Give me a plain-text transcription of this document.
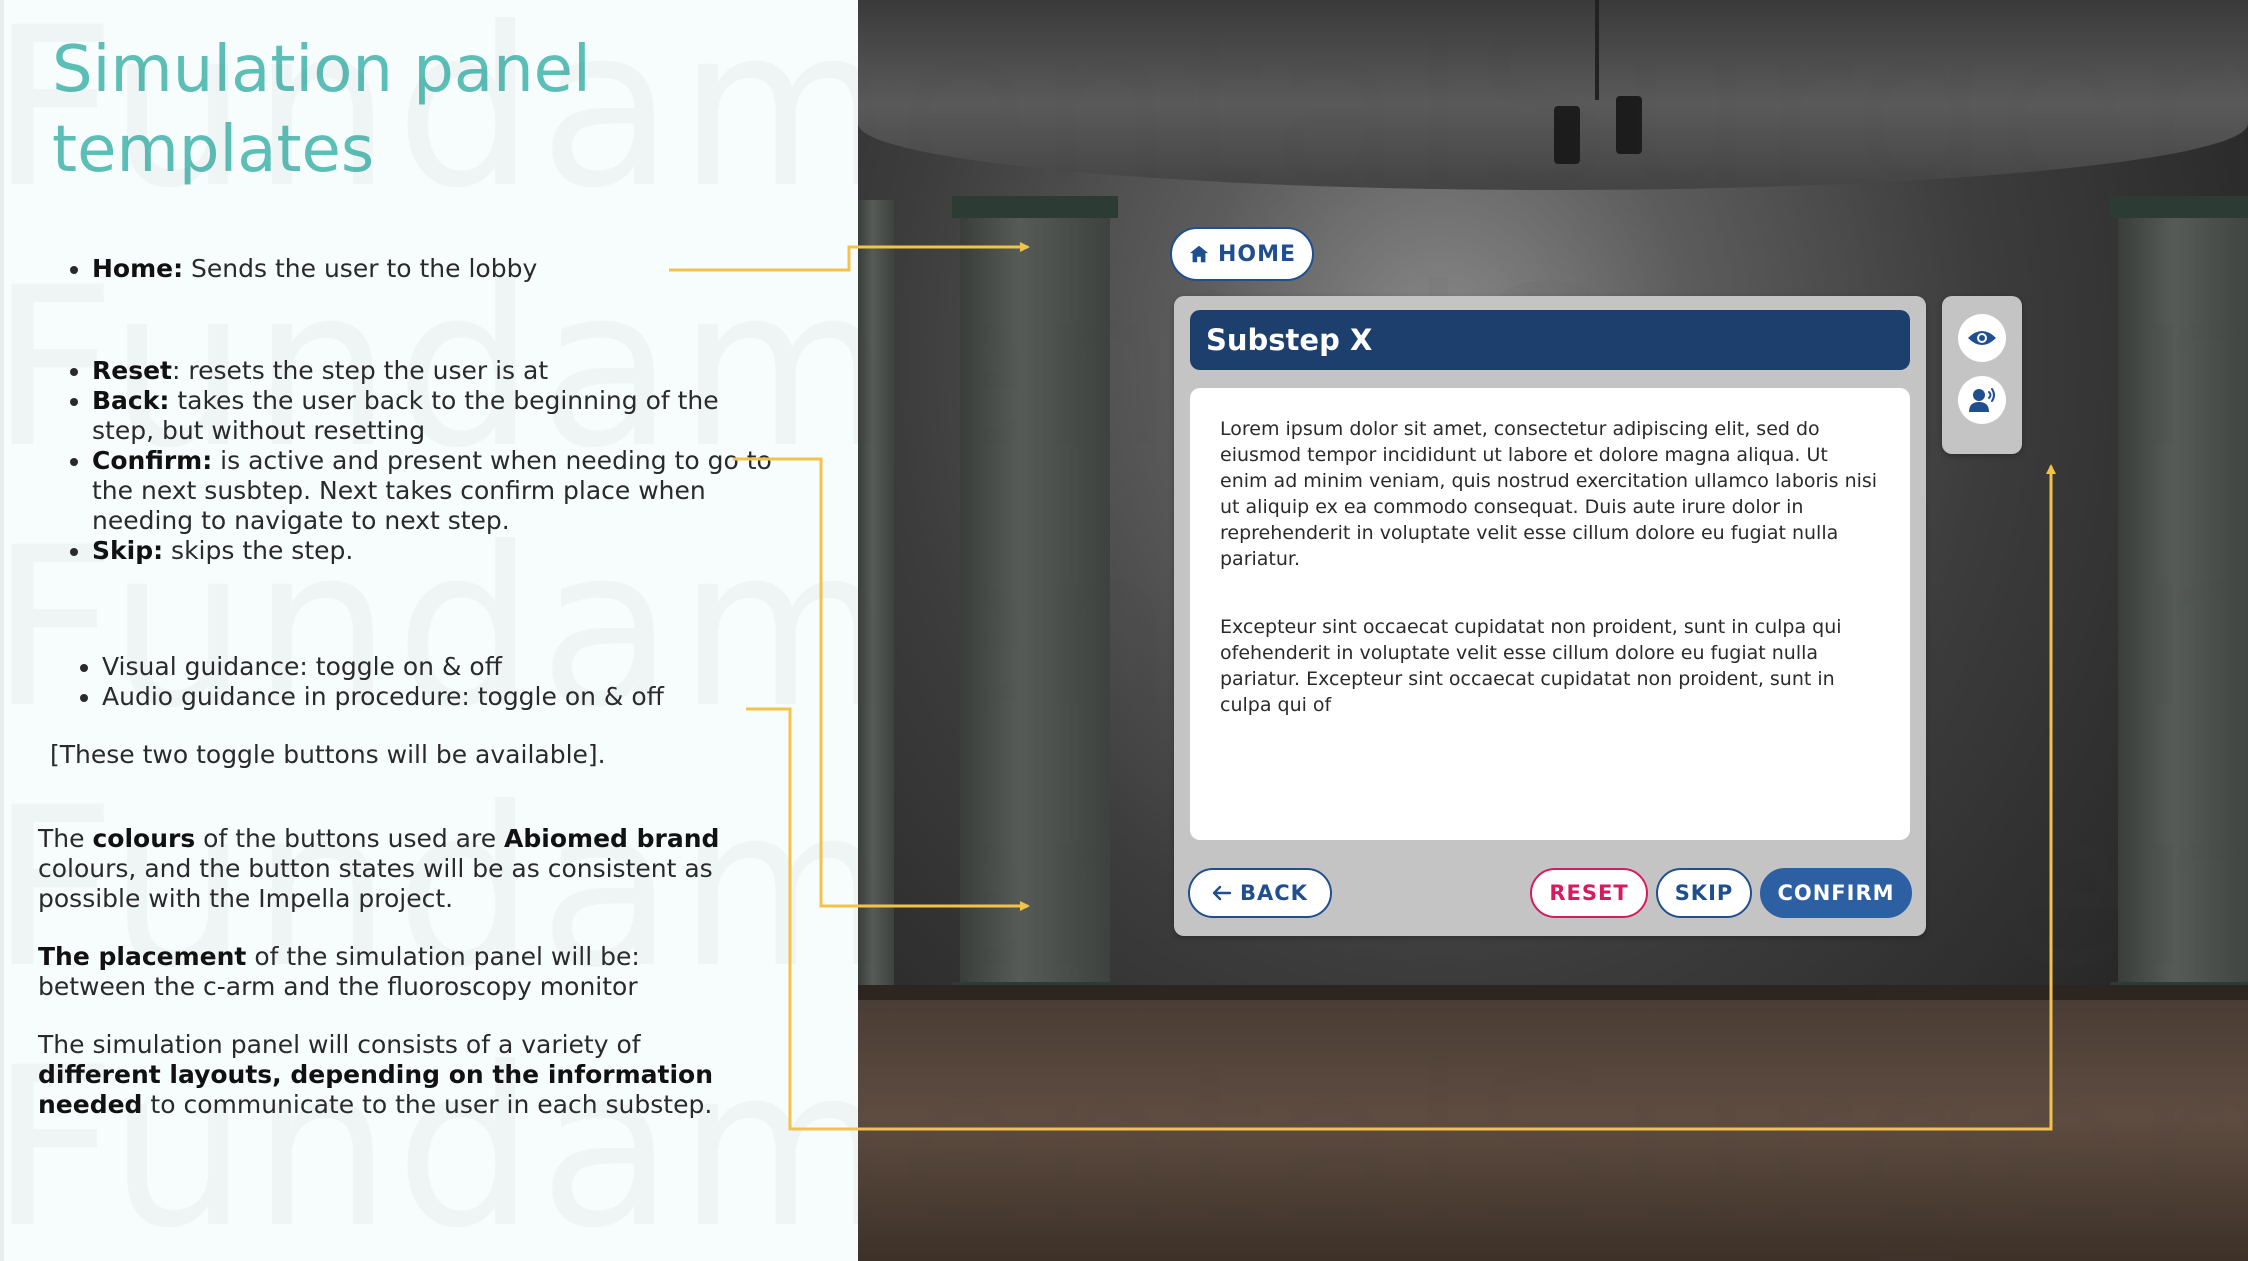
Simulation panel
templates
• Home: Sends the user to the lobby
• Reset: resets the step the user is at
• Back: takes the user back to the beginning of the step, but without resetting
• Confirm: is active and present when needing to go to the next susbtep. Next takes confirm place when needing to navigate to next step.
• Skip: skips the step.
• Visual guidance: toggle on & off
• Audio guidance in procedure: toggle on & off

[These two toggle buttons will be available].

The colours of the buttons used are Abiomed brand colours, and the button states will be as consistent as possible with the Impella project.

The placement of the simulation panel will be: between the c-arm and the fluoroscopy monitor

The simulation panel will consists of a variety of different layouts, depending on the information needed to communicate to the user in each substep.

HOME
Substep X

Lorem ipsum dolor sit amet, consectetur adipiscing elit, sed do eiusmod tempor incididunt ut labore et dolore magna aliqua. Ut enim ad minim veniam, quis nostrud exercitation ullamco laboris nisi ut aliquip ex ea commodo consequat. Duis aute irure dolor in reprehenderit in voluptate velit esse cillum dolore eu fugiat nulla pariatur.

Excepteur sint occaecat cupidatat non proident, sunt in culpa qui ofehenderit in voluptate velit esse cillum dolore eu fugiat nulla pariatur. Excepteur sint occaecat cupidatat non proident, sunt in culpa qui of

BACK	RESET SKIP CONFIRM
